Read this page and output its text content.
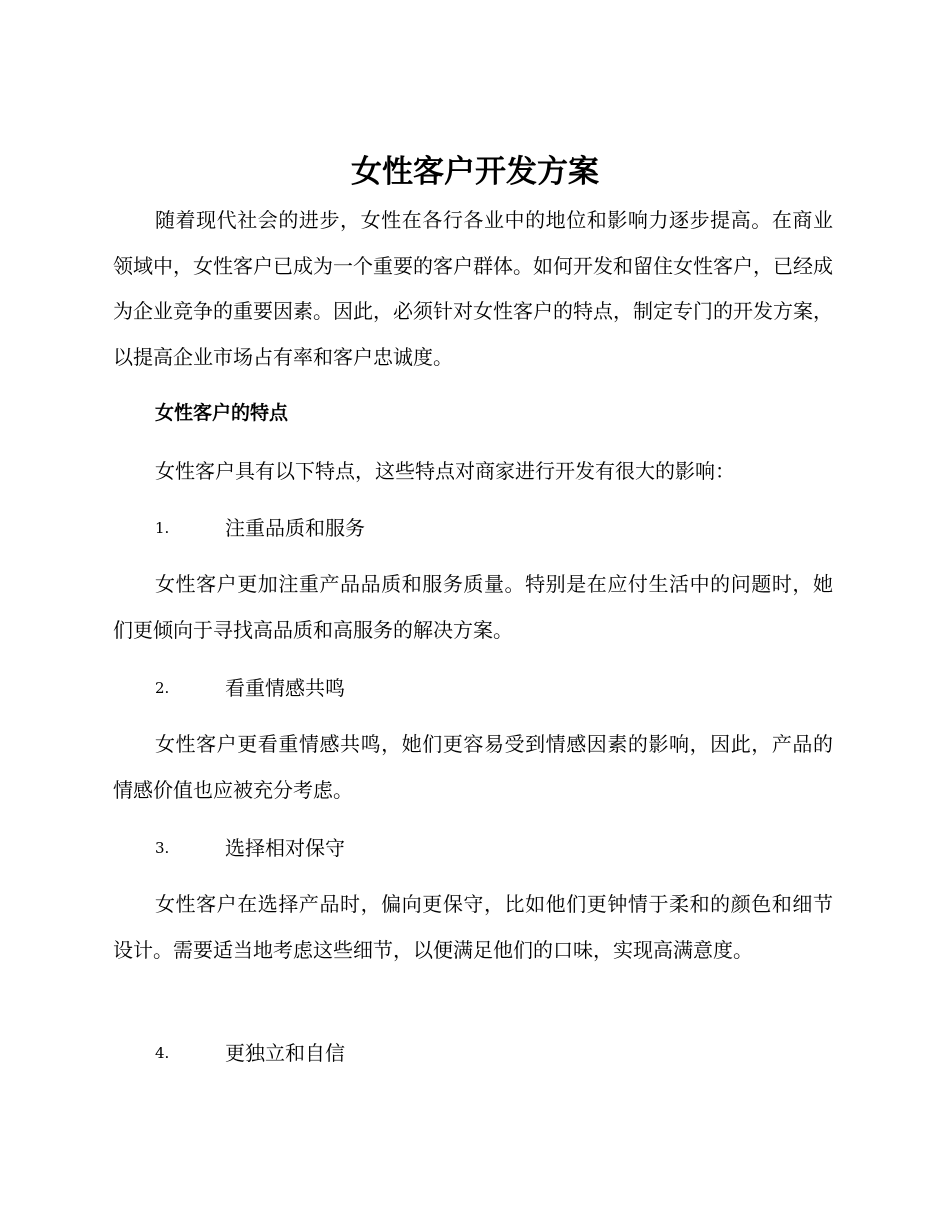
女性客户开发方案

随着现代社会的进步，女性在各行各业中的地位和影响力逐步提高。在商业领域中，女性客户已成为一个重要的客户群体。如何开发和留住女性客户，已经成为企业竞争的重要因素。因此，必须针对女性客户的特点，制定专门的开发方案，以提高企业市场占有率和客户忠诚度。

女性客户的特点

女性客户具有以下特点，这些特点对商家进行开发有很大的影响：

1.	注重品质和服务

女性客户更加注重产品品质和服务质量。特别是在应付生活中的问题时，她们更倾向于寻找高品质和高服务的解决方案。

2.	看重情感共鸣

女性客户更看重情感共鸣，她们更容易受到情感因素的影响，因此，产品的情感价值也应被充分考虑。

3.	选择相对保守

女性客户在选择产品时，偏向更保守，比如他们更钟情于柔和的颜色和细节设计。需要适当地考虑这些细节，以便满足他们的口味，实现高满意度。

4.	更独立和自信
